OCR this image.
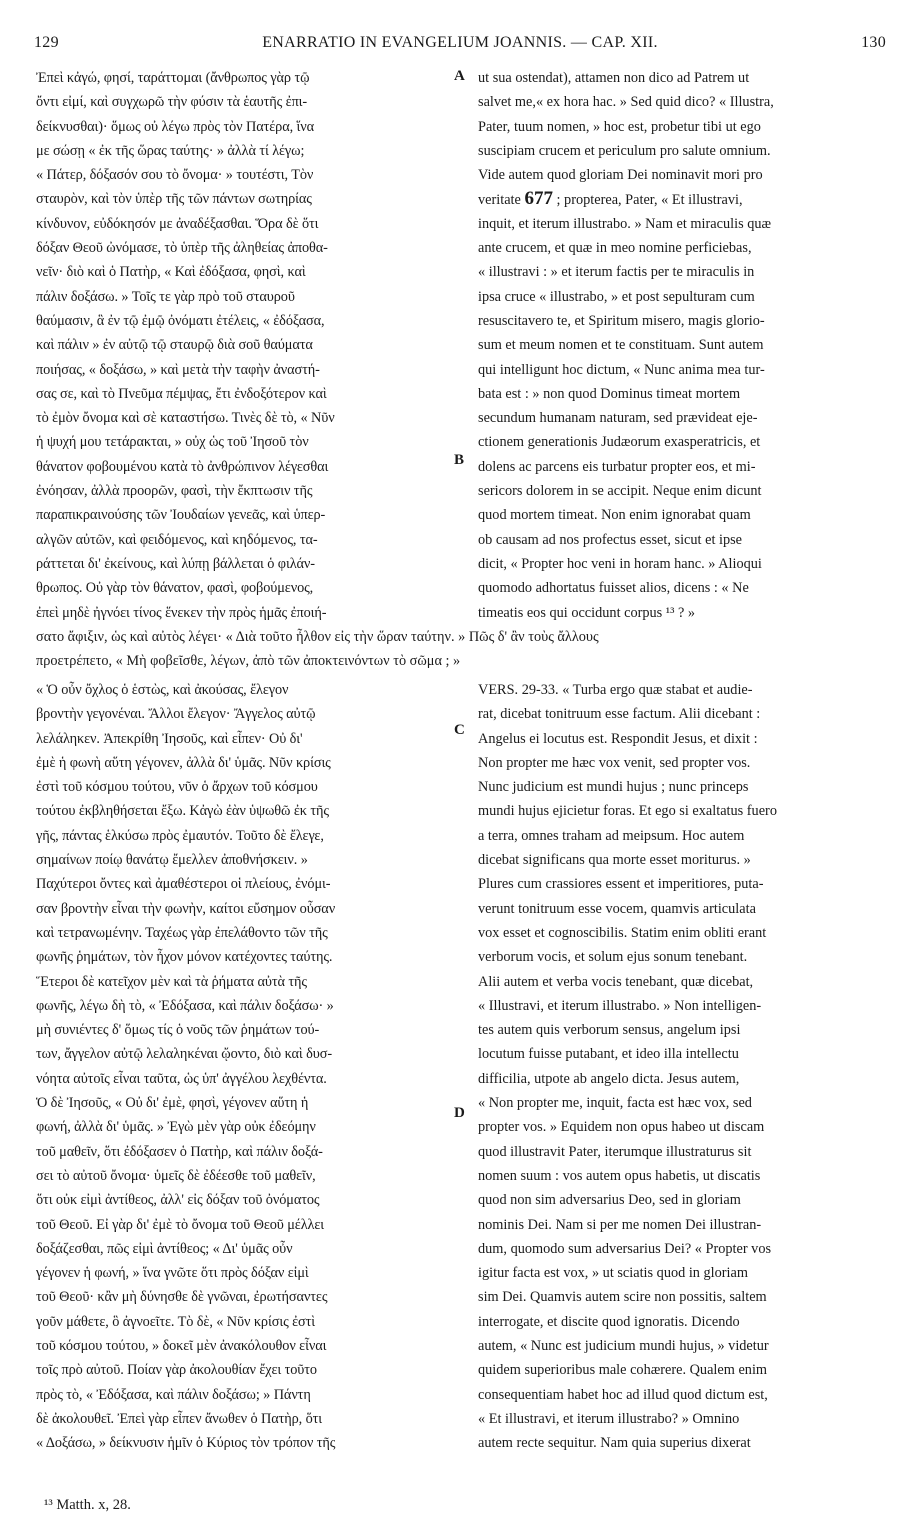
129	ENARRATIO IN EVANGELIUM JOANNIS. — CAP. XII.	130
Ἐπεὶ κἀγώ, φησί, ταράττομαι (ἄνθρωπος γὰρ τῷ
ὄντι εἰμί, καὶ συγχωρῶ τὴν φύσιν τὰ ἑαυτῆς ἐπι-
δείκνυσθαι)· ὅμως οὐ λέγω πρὸς τὸν Πατέρα, ἵνα
με σώσῃ « ἐκ τῆς ὥρας ταύτης· » ἀλλὰ τί λέγω;
« Πάτερ, δόξασόν σου τὸ ὄνομα· » τουτέστι, Τὸν
σταυρὸν, καὶ τὸν ὑπὲρ τῆς τῶν πάντων σωτηρίας
κίνδυνον, εὐδόκησόν με ἀναδέξασθαι. Ὅρα δὲ ὅτι
δόξαν Θεοῦ ὠνόμασε, τὸ ὑπὲρ τῆς ἀληθείας ἀποθα-
νεῖν· διὸ καὶ ὁ Πατὴρ, « Καὶ ἐδόξασα, φησὶ, καὶ
πάλιν δοξάσω. » Τοῖς τε γὰρ πρὸ τοῦ σταυροῦ
θαύμασιν, ἃ ἐν τῷ ἐμῷ ὀνόματι ἐτέλεις, « ἐδόξασα,
καὶ πάλιν » ἐν αὐτῷ τῷ σταυρῷ διὰ σοῦ θαύματα
ποιήσας, « δοξάσω, » καὶ μετὰ τὴν ταφὴν ἀναστή-
σας σε, καὶ τὸ Πνεῦμα πέμψας, ἔτι ἐνδοξότερον καὶ
τὸ ἐμὸν ὄνομα καὶ σὲ καταστήσω. Τινὲς δὲ τὸ, « Νῦν
ἡ ψυχή μου τετάρακται, » οὐχ ὡς τοῦ Ἰησοῦ τὸν
θάνατον φοβουμένου κατὰ τὸ ἀνθρώπινον λέγεσθαι
ἐνόησαν, ἀλλὰ προορῶν, φασὶ, τὴν ἔκπτωσιν τῆς
παραπικραινούσης τῶν Ἰουδαίων γενεᾶς, καὶ ὑπερ-
αλγῶν αὐτῶν, καὶ φειδόμενος, καὶ κηδόμενος, τα-
ράττεται δι' ἐκείνους, καὶ λύπῃ βάλλεται ὁ φιλάν-
θρωπος. Οὐ γὰρ τὸν θάνατον, φασὶ, φοβούμενος,
ἐπεὶ μηδὲ ἠγνόει τίνος ἕνεκεν τὴν πρὸς ἡμᾶς ἐποιή-
ut sua ostendat), attamen non dico ad Patrem ut
salvet me,« ex hora hac. » Sed quid dico? « Illustra,
Pater, tuum nomen, » hoc est, probetur tibi ut ego
suscipiam crucem et periculum pro salute omnium.
Vide autem quod gloriam Dei nominavit mori pro
veritate 677 ; propterea, Pater, « Et illustravi,
inquit, et iterum illustrabo. » Nam et miraculis quæ
ante crucem, et quæ in meo nomine perficiebas,
« illustravi : » et iterum factis per te miraculis in
ipsa cruce « illustrabo, » et post sepulturam cum
resuscitavero te, et Spiritum misero, magis glorio-
sum et meum nomen et te constituam. Sunt autem
qui intelligunt hoc dictum, « Nunc anima mea tur-
bata est : » non quod Dominus timeat mortem
secundum humanam naturam, sed prævideat eje-
ctionem generationis Judæorum exasperatricis, et
dolens ac parcens eis turbatur propter eos, et mi-
sericors dolorem in se accipit. Neque enim dicunt
quod mortem timeat. Non enim ignorabat quam
ob causam ad nos profectus esset, sicut et ipse
dicit, « Propter hoc veni in horam hanc. » Alioqui
quomodo adhortatus fuisset alios, dicens : « Ne
timeatis eos qui occidunt corpus ¹³ ? »
σατο ἄφιξιν, ὡς καὶ αὐτὸς λέγει· « Διὰ τοῦτο ἦλθον εἰς τὴν ὥραν ταύτην. » Πῶς δ' ἂν τοὺς ἄλλους
προετρέπετο, « Μὴ φοβεῖσθε, λέγων, ἀπὸ τῶν ἀποκτεινόντων τὸ σῶμα ; »
« Ὁ οὖν ὄχλος ὁ ἑστὼς, καὶ ἀκούσας, ἔλεγον
βροντὴν γεγονέναι. Ἄλλοι ἔλεγον· Ἄγγελος αὐτῷ
λελάληκεν. Ἀπεκρίθη Ἰησοῦς, καὶ εἶπεν· Οὐ δι'
ἐμὲ ἡ φωνὴ αὕτη γέγονεν, ἀλλὰ δι' ὑμᾶς. Νῦν κρίσις
ἐστὶ τοῦ κόσμου τούτου, νῦν ὁ ἄρχων τοῦ κόσμου
τούτου ἐκβληθήσεται ἔξω. Κἀγὼ ἐὰν ὑψωθῶ ἐκ τῆς
γῆς, πάντας ἑλκύσω πρὸς ἐμαυτόν. Τοῦτο δὲ ἔλεγε,
σημαίνων ποίῳ θανάτῳ ἔμελλεν ἀποθνήσκειν. »
Παχύτεροι ὄντες καὶ ἀμαθέστεροι οἱ πλείους, ἐνόμι-
σαν βροντὴν εἶναι τὴν φωνὴν, καίτοι εὔσημον οὖσαν
καὶ τετρανωμένην. Ταχέως γὰρ ἐπελάθοντο τῶν τῆς
φωνῆς ῥημάτων, τὸν ἦχον μόνον κατέχοντες ταύτης.
Ἕτεροι δὲ κατεῖχον μὲν καὶ τὰ ῥήματα αὐτὰ τῆς
φωνῆς, λέγω δὴ τὸ, « Ἐδόξασα, καὶ πάλιν δοξάσω· »
μὴ συνιέντες δ' ὅμως τίς ὁ νοῦς τῶν ῥημάτων τού-
των, ἄγγελον αὐτῷ λελαληκέναι ᾤοντο, διὸ καὶ δυσ-
νόητα αὐτοῖς εἶναι ταῦτα, ὡς ὑπ' ἀγγέλου λεχθέντα.
Ὁ δὲ Ἰησοῦς, « Οὐ δι' ἐμὲ, φησὶ, γέγονεν αὕτη ἡ
φωνή, ἀλλὰ δι' ὑμᾶς. » Ἐγὼ μὲν γὰρ οὐκ ἐδεόμην
τοῦ μαθεῖν, ὅτι ἐδόξασεν ὁ Πατὴρ, καὶ πάλιν δοξά-
σει τὸ αὐτοῦ ὄνομα· ὑμεῖς δὲ ἐδέεσθε τοῦ μαθεῖν,
ὅτι οὐκ εἰμὶ ἀντίθεος, ἀλλ' εἰς δόξαν τοῦ ὀνόματος
τοῦ Θεοῦ. Εἰ γὰρ δι' ἐμὲ τὸ ὄνομα τοῦ Θεοῦ μέλλει
δοξάζεσθαι, πῶς εἰμὶ ἀντίθεος; « Δι' ὑμᾶς οὖν
γέγονεν ἡ φωνή, » ἵνα γνῶτε ὅτι πρὸς δόξαν εἰμὶ
τοῦ Θεοῦ· κἂν μὴ δύνησθε δὲ γνῶναι, ἐρωτήσαντες
γοῦν μάθετε, ὃ ἀγνοεῖτε. Τὸ δὲ, « Νῦν κρίσις ἐστὶ
τοῦ κόσμου τούτου, » δοκεῖ μὲν ἀνακόλουθον εἶναι
τοῖς πρὸ αὐτοῦ. Ποίαν γὰρ ἀκολουθίαν ἔχει τοῦτο
πρὸς τὸ, « Ἐδόξασα, καὶ πάλιν δοξάσω; » Πάντη
δὲ ἀκολουθεῖ. Ἐπεὶ γὰρ εἶπεν ἄνωθεν ὁ Πατὴρ, ὅτι
« Δοξάσω, » δείκνυσιν ἡμῖν ὁ Κύριος τὸν τρόπον τῆς
VERS. 29-33. « Turba ergo quæ stabat et audie-
rat, dicebat tonitruum esse factum. Alii dicebant :
Angelus ei locutus est. Respondit Jesus, et dixit :
Non propter me hæc vox venit, sed propter vos.
Nunc judicium est mundi hujus ; nunc princeps
mundi hujus ejicietur foras. Et ego si exaltatus fuero
a terra, omnes traham ad meipsum. Hoc autem
dicebat significans qua morte esset moriturus. »
Plures cum crassiores essent et imperitiores, puta-
verunt tonitruum esse vocem, quamvis articulata
vox esset et cognoscibilis. Statim enim obliti erant
verborum vocis, et solum ejus sonum tenebant.
Alii autem et verba vocis tenebant, quæ dicebat,
« Illustravi, et iterum illustrabo. » Non intelligen-
tes autem quis verborum sensus, angelum ipsi
locutum fuisse putabant, et ideo illa intellectu
difficilia, utpote ab angelo dicta. Jesus autem,
« Non propter me, inquit, facta est hæc vox, sed
propter vos. » Equidem non opus habeo ut discam
quod illustravit Pater, iterumque illustraturus sit
nomen suum : vos autem opus habetis, ut discatis
quod non sim adversarius Deo, sed in gloriam
nominis Dei. Nam si per me nomen Dei illustran-
dum, quomodo sum adversarius Dei? « Propter vos
igitur facta est vox, » ut sciatis quod in gloriam
sim Dei. Quamvis autem scire non possitis, saltem
interrogate, et discite quod ignoratis. Dicendo
autem, « Nunc est judicium mundi hujus, » videtur
quidem superioribus male cohærere. Qualem enim
consequentiam habet hoc ad illud quod dictum est,
« Et illustravi, et iterum illustrabo? » Omnino
autem recte sequitur. Nam quia superius dixerat
A
B
C
D
¹³ Matth. x, 28.
